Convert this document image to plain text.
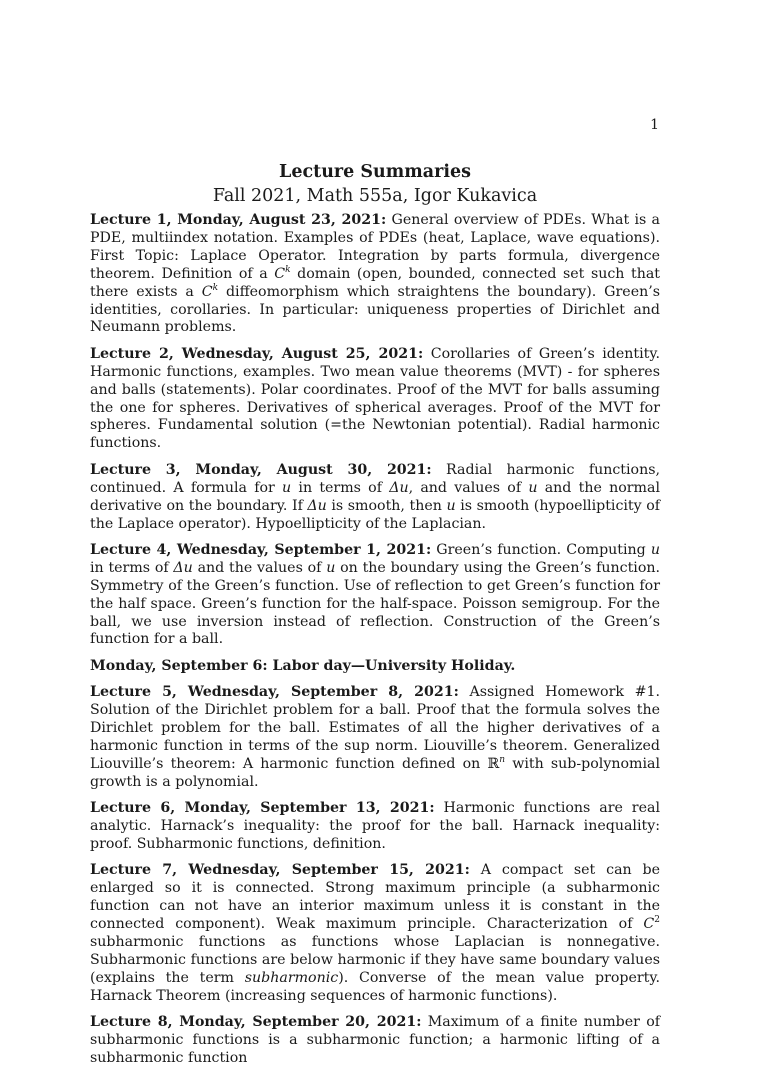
1
Lecture Summaries
Fall 2021, Math 555a, Igor Kukavica

Lecture 1, Monday, August 23, 2021: General overview of PDEs. What is a PDE, multiindex notation. Examples of PDEs (heat, Laplace, wave equations). First Topic: Laplace Operator. Integration by parts formula, divergence theorem. Definition of a $C^k$ domain (open, bounded, connected set such that there exists a $C^k$ diffeomorphism which straightens the boundary). Green’s identities, corollaries. In particular: uniqueness properties of Dirichlet and Neumann problems.

Lecture 2, Wednesday, August 25, 2021: Corollaries of Green’s identity. Harmonic functions, examples. Two mean value theorems (MVT) - for spheres and balls (statements). Polar coordinates. Proof of the MVT for balls assuming the one for spheres. Derivatives of spherical averages. Proof of the MVT for spheres. Fundamental solution (=the Newtonian potential). Radial harmonic functions.

Lecture 3, Monday, August 30, 2021: Radial harmonic functions, continued. A formula for u in terms of Δu, and values of u and the normal derivative on the boundary. If Δu is smooth, then u is smooth (hypoellipticity of the Laplace operator). Hypoellipticity of the Laplacian.

Lecture 4, Wednesday, September 1, 2021: Green’s function. Computing u in terms of Δu and the values of u on the boundary using the Green’s function. Symmetry of the Green’s function. Use of reflection to get Green’s function for the half space. Green’s function for the half-space. Poisson semigroup. For the ball, we use inversion instead of reflection. Construction of the Green’s function for a ball.

Monday, September 6: Labor day—University Holiday.

Lecture 5, Wednesday, September 8, 2021: Assigned Homework #1. Solution of the Dirichlet problem for a ball. Proof that the formula solves the Dirichlet problem for the ball. Estimates of all the higher derivatives of a harmonic function in terms of the sup norm. Liouville’s theorem. Generalized Liouville’s theorem: A harmonic function defined on ℝ$^n$ with sub-polynomial growth is a polynomial.

Lecture 6, Monday, September 13, 2021: Harmonic functions are real analytic. Harnack’s inequality: the proof for the ball. Harnack inequality: proof. Subharmonic functions, definition.

Lecture 7, Wednesday, September 15, 2021: A compact set can be enlarged so it is connected. Strong maximum principle (a subharmonic function can not have an interior maximum unless it is constant in the connected component). Weak maximum principle. Characterization of $C^2$ subharmonic functions as functions whose Laplacian is nonnegative. Subharmonic functions are below harmonic if they have same boundary values (explains the term subharmonic). Converse of the mean value property. Harnack Theorem (increasing sequences of harmonic functions).

Lecture 8, Monday, September 20, 2021: Maximum of a finite number of subharmonic functions is a subharmonic function; a harmonic lifting of a subharmonic function
